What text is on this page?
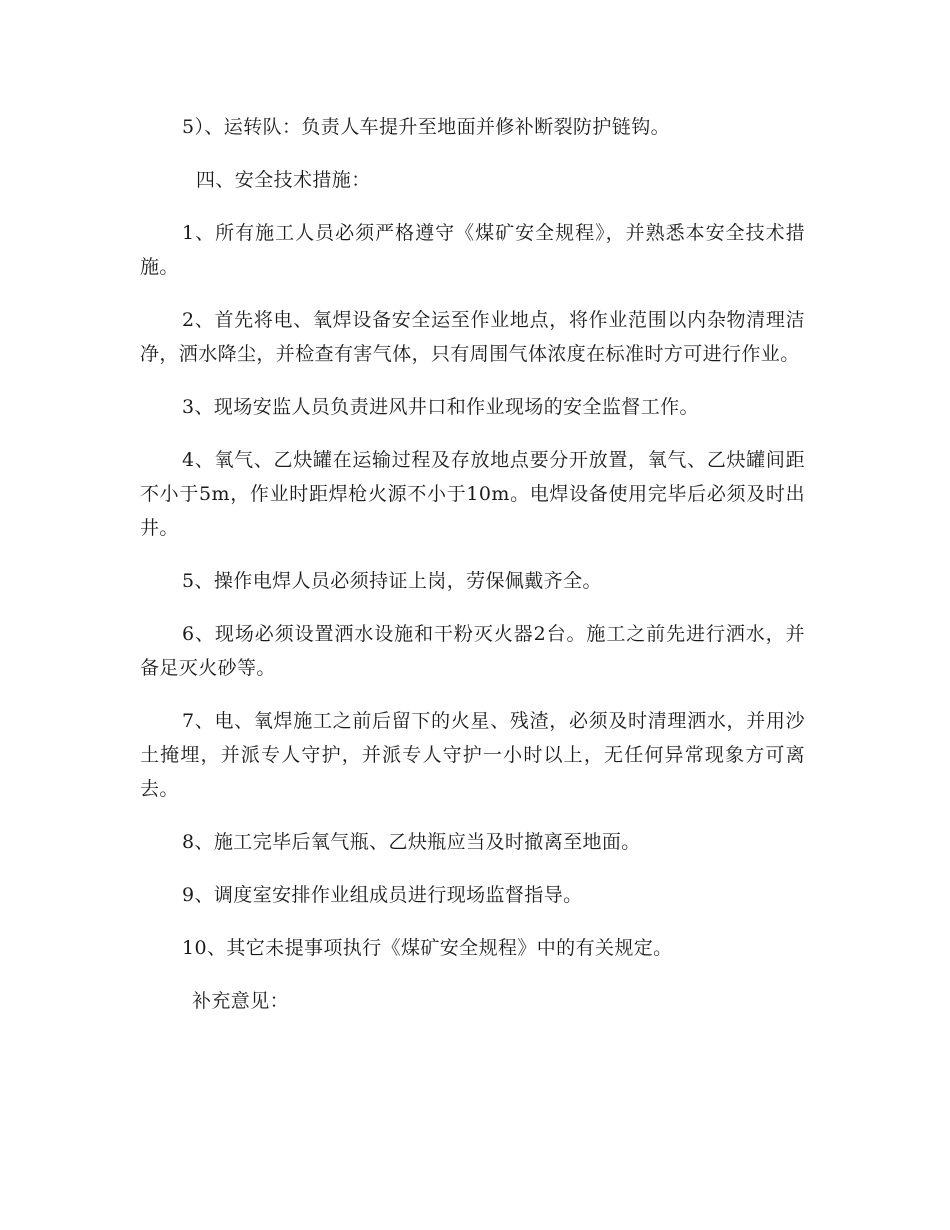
5）、运转队：负责人车提升至地面并修补断裂防护链钩。

四、安全技术措施：

1、所有施工人员必须严格遵守《煤矿安全规程》，并熟悉本安全技术措施。

2、首先将电、氧焊设备安全运至作业地点，将作业范围以内杂物清理洁净，洒水降尘，并检查有害气体，只有周围气体浓度在标准时方可进行作业。

3、现场安监人员负责进风井口和作业现场的安全监督工作。

4、氧气、乙炔罐在运输过程及存放地点要分开放置，氧气、乙炔罐间距不小于5m，作业时距焊枪火源不小于10m。电焊设备使用完毕后必须及时出井。

5、操作电焊人员必须持证上岗，劳保佩戴齐全。

6、现场必须设置洒水设施和干粉灭火器2台。施工之前先进行洒水，并备足灭火砂等。

7、电、氧焊施工之前后留下的火星、残渣，必须及时清理洒水，并用沙土掩埋，并派专人守护，并派专人守护一小时以上，无任何异常现象方可离去。

8、施工完毕后氧气瓶、乙炔瓶应当及时撤离至地面。

9、调度室安排作业组成员进行现场监督指导。

10、其它未提事项执行《煤矿安全规程》中的有关规定。

补充意见：
